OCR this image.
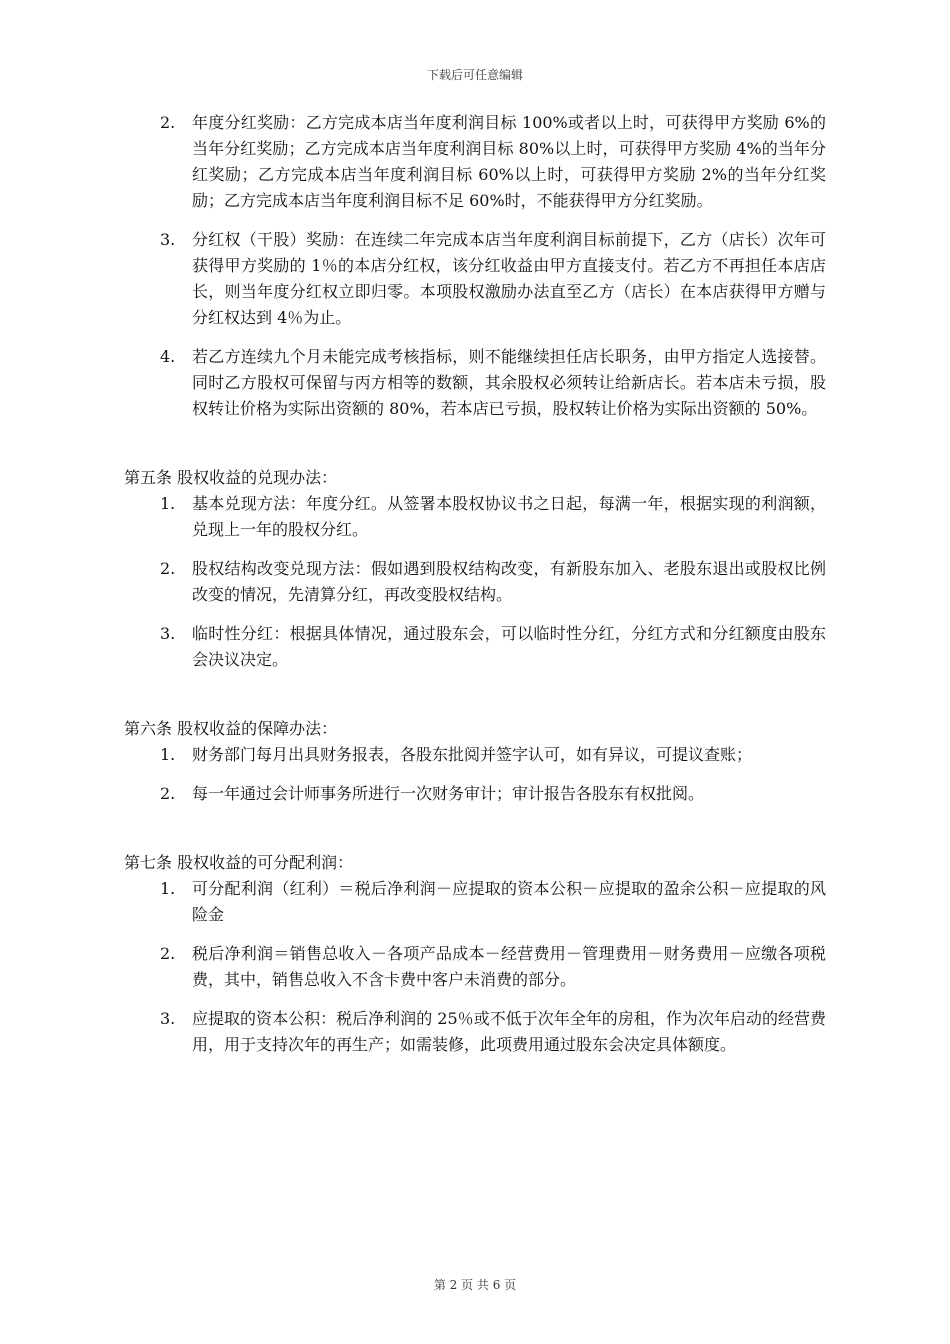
下载后可任意编辑
2.	年度分红奖励：乙方完成本店当年度利润目标 100%或者以上时，可获得甲方奖励 6%的当年分红奖励；乙方完成本店当年度利润目标 80%以上时，可获得甲方奖励 4%的当年分红奖励；乙方完成本店当年度利润目标 60%以上时，可获得甲方奖励 2%的当年分红奖励；乙方完成本店当年度利润目标不足 60%时，不能获得甲方分红奖励。
3.	分红权（干股）奖励：在连续二年完成本店当年度利润目标前提下，乙方（店长）次年可获得甲方奖励的 1％的本店分红权，该分红收益由甲方直接支付。若乙方不再担任本店店长，则当年度分红权立即归零。本项股权激励办法直至乙方（店长）在本店获得甲方赠与分红权达到 4％为止。
4.	若乙方连续九个月未能完成考核指标，则不能继续担任店长职务，由甲方指定人选接替。同时乙方股权可保留与丙方相等的数额，其余股权必须转让给新店长。若本店未亏损，股权转让价格为实际出资额的 80%，若本店已亏损，股权转让价格为实际出资额的 50%。
第五条 股权收益的兑现办法：
1.	基本兑现方法：年度分红。从签署本股权协议书之日起，每满一年，根据实现的利润额，兑现上一年的股权分红。
2.	股权结构改变兑现方法：假如遇到股权结构改变，有新股东加入、老股东退出或股权比例改变的情况，先清算分红，再改变股权结构。
3.	临时性分红：根据具体情况，通过股东会，可以临时性分红，分红方式和分红额度由股东会决议决定。
第六条 股权收益的保障办法：
1.	财务部门每月出具财务报表，各股东批阅并签字认可，如有异议，可提议查账；
2.	每一年通过会计师事务所进行一次财务审计；审计报告各股东有权批阅。
第七条 股权收益的可分配利润：
1.	可分配利润（红利）＝税后净利润－应提取的资本公积－应提取的盈余公积－应提取的风险金
2.	税后净利润＝销售总收入－各项产品成本－经营费用－管理费用－财务费用－应缴各项税费，其中，销售总收入不含卡费中客户未消费的部分。
3.	应提取的资本公积：税后净利润的 25％或不低于次年全年的房租，作为次年启动的经营费用，用于支持次年的再生产；如需装修，此项费用通过股东会决定具体额度。
第 2 页 共 6 页
